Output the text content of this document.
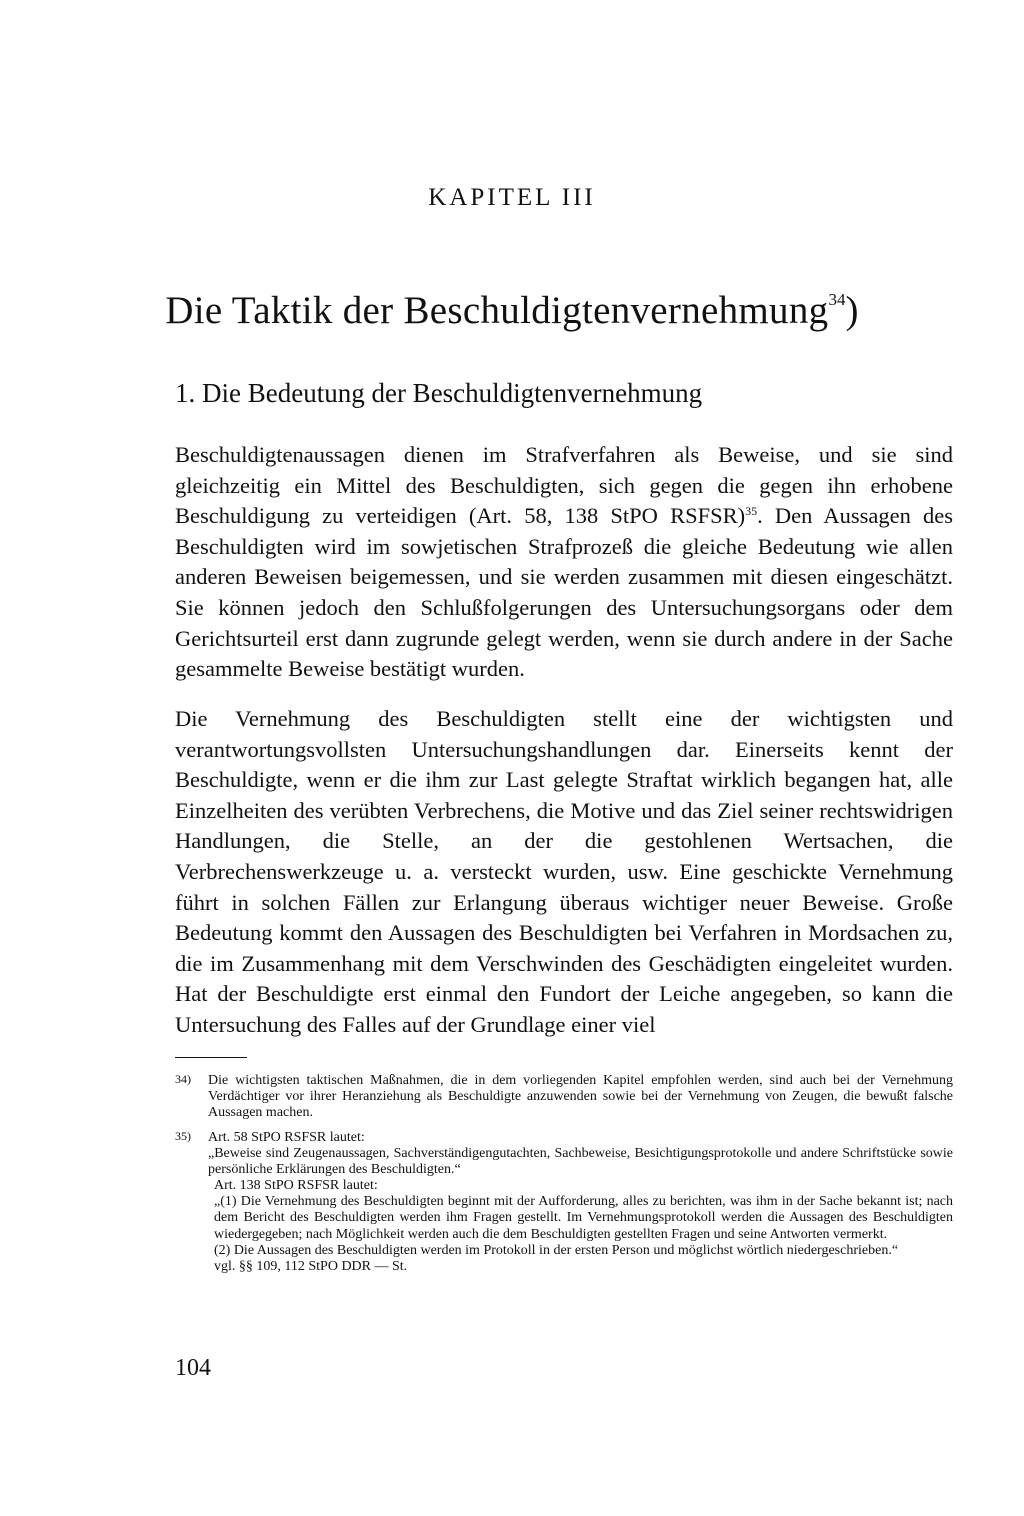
KAPITEL III
Die Taktik der Beschuldigtenvernehmung$^{34}$)
1. Die Bedeutung der Beschuldigtenvernehmung

Beschuldigtenaussagen dienen im Strafverfahren als Beweise, und sie sind gleichzeitig ein Mittel des Beschuldigten, sich gegen die gegen ihn erhobene Beschuldigung zu verteidigen (Art. 58, 138 StPO RSFSR)$^{35}$. Den Aussagen des Beschuldigten wird im sowjetischen Strafprozeß die gleiche Bedeutung wie allen anderen Beweisen beigemessen, und sie werden zusammen mit diesen eingeschätzt. Sie können jedoch den Schlußfolgerungen des Untersuchungsorgans oder dem Gerichtsurteil erst dann zugrunde gelegt werden, wenn sie durch andere in der Sache gesammelte Beweise bestätigt wurden.

Die Vernehmung des Beschuldigten stellt eine der wichtigsten und verantwortungsvollsten Untersuchungshandlungen dar. Einerseits kennt der Beschuldigte, wenn er die ihm zur Last gelegte Straftat wirklich begangen hat, alle Einzelheiten des verübten Verbrechens, die Motive und das Ziel seiner rechtswidrigen Handlungen, die Stelle, an der die gestohlenen Wertsachen, die Verbrechenswerkzeuge u. a. versteckt wurden, usw. Eine geschickte Vernehmung führt in solchen Fällen zur Erlangung überaus wichtiger neuer Beweise. Große Bedeutung kommt den Aussagen des Beschuldigten bei Verfahren in Mordsachen zu, die im Zusammenhang mit dem Verschwinden des Geschädigten eingeleitet wurden. Hat der Beschuldigte erst einmal den Fundort der Leiche angegeben, so kann die Untersuchung des Falles auf der Grundlage einer viel

34) Die wichtigsten taktischen Maßnahmen, die in dem vorliegenden Kapitel empfohlen werden, sind auch bei der Vernehmung Verdächtiger vor ihrer Heranziehung als Beschuldigte anzuwenden sowie bei der Vernehmung von Zeugen, die bewußt falsche Aussagen machen.

35) Art. 58 StPO RSFSR lautet:

„Beweise sind Zeugenaussagen, Sachverständigengutachten, Sachbeweise, Besichtigungsprotokolle und andere Schriftstücke sowie persönliche Erklärungen des Beschuldigten.“

Art. 138 StPO RSFSR lautet:

„(1) Die Vernehmung des Beschuldigten beginnt mit der Aufforderung, alles zu berichten, was ihm in der Sache bekannt ist; nach dem Bericht des Beschuldigten werden ihm Fragen gestellt. Im Vernehmungsprotokoll werden die Aussagen des Beschuldigten wiedergegeben; nach Möglichkeit werden auch die dem Beschuldigten gestellten Fragen und seine Antworten vermerkt.

(2) Die Aussagen des Beschuldigten werden im Protokoll in der ersten Person und möglichst wörtlich niedergeschrieben.“

vgl. §§ 109, 112 StPO DDR — St.

104
